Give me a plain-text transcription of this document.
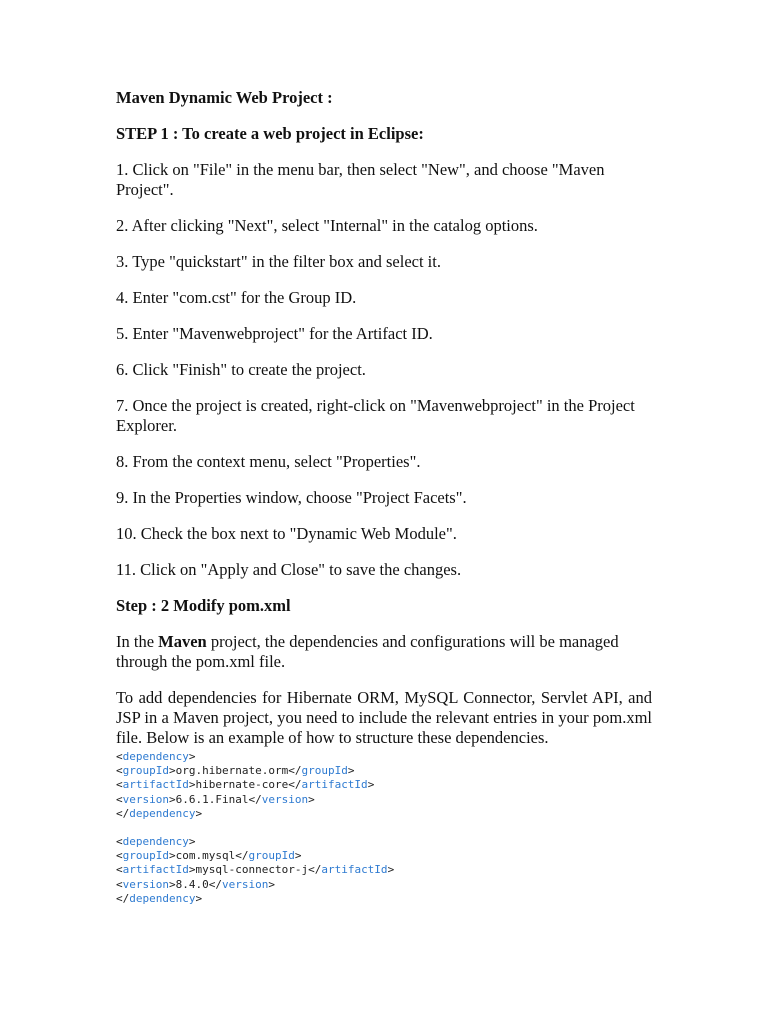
Maven Dynamic Web Project :
STEP 1 : To create a web project in Eclipse:
1. Click on "File" in the menu bar, then select "New", and choose "Maven Project".
2. After clicking "Next", select "Internal" in the catalog options.
3. Type "quickstart" in the filter box and select it.
4. Enter "com.cst" for the Group ID.
5. Enter "Mavenwebproject" for the Artifact ID.
6. Click "Finish" to create the project.
7. Once the project is created, right-click on "Mavenwebproject" in the Project Explorer.
8. From the context menu, select "Properties".
9. In the Properties window, choose "Project Facets".
10. Check the box next to "Dynamic Web Module".
11. Click on "Apply and Close" to save the changes.
Step : 2 Modify pom.xml
In the Maven project, the dependencies and configurations will be managed through the pom.xml file.
To add dependencies for Hibernate ORM, MySQL Connector, Servlet API, and JSP in a Maven project, you need to include the relevant entries in your pom.xml file. Below is an example of how to structure these dependencies.
<dependency>
<groupId>org.hibernate.orm</groupId>
<artifactId>hibernate-core</artifactId>
<version>6.6.1.Final</version>
</dependency>
<dependency>
<groupId>com.mysql</groupId>
<artifactId>mysql-connector-j</artifactId>
<version>8.4.0</version>
</dependency>
